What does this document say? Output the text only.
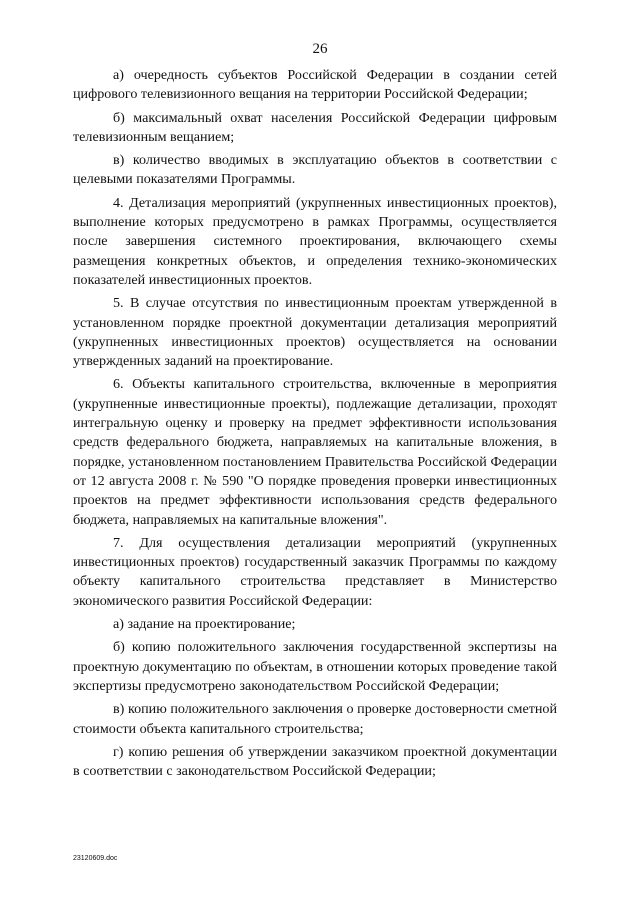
26

а) очередность субъектов Российской Федерации в создании сетей цифрового телевизионного вещания на территории Российской Федерации;

б) максимальный охват населения Российской Федерации цифровым телевизионным вещанием;

в) количество вводимых в эксплуатацию объектов в соответствии с целевыми показателями Программы.

4. Детализация мероприятий (укрупненных инвестиционных проектов), выполнение которых предусмотрено в рамках Программы, осуществляется после завершения системного проектирования, включающего схемы размещения конкретных объектов, и определения технико-экономических показателей инвестиционных проектов.

5. В случае отсутствия по инвестиционным проектам утвержденной в установленном порядке проектной документации детализация мероприятий (укрупненных инвестиционных проектов) осуществляется на основании утвержденных заданий на проектирование.

6. Объекты капитального строительства, включенные в мероприятия (укрупненные инвестиционные проекты), подлежащие детализации, проходят интегральную оценку и проверку на предмет эффективности использования средств федерального бюджета, направляемых на капитальные вложения, в порядке, установленном постановлением Правительства Российской Федерации от 12 августа 2008 г. № 590 "О порядке проведения проверки инвестиционных проектов на предмет эффективности использования средств федерального бюджета, направляемых на капитальные вложения".

7. Для осуществления детализации мероприятий (укрупненных инвестиционных проектов) государственный заказчик Программы по каждому объекту капитального строительства представляет в Министерство экономического развития Российской Федерации:

а) задание на проектирование;

б) копию положительного заключения государственной экспертизы на проектную документацию по объектам, в отношении которых проведение такой экспертизы предусмотрено законодательством Российской Федерации;

в) копию положительного заключения о проверке достоверности сметной стоимости объекта капитального строительства;

г) копию решения об утверждении заказчиком проектной документации в соответствии с законодательством Российской Федерации;

23120609.doc
